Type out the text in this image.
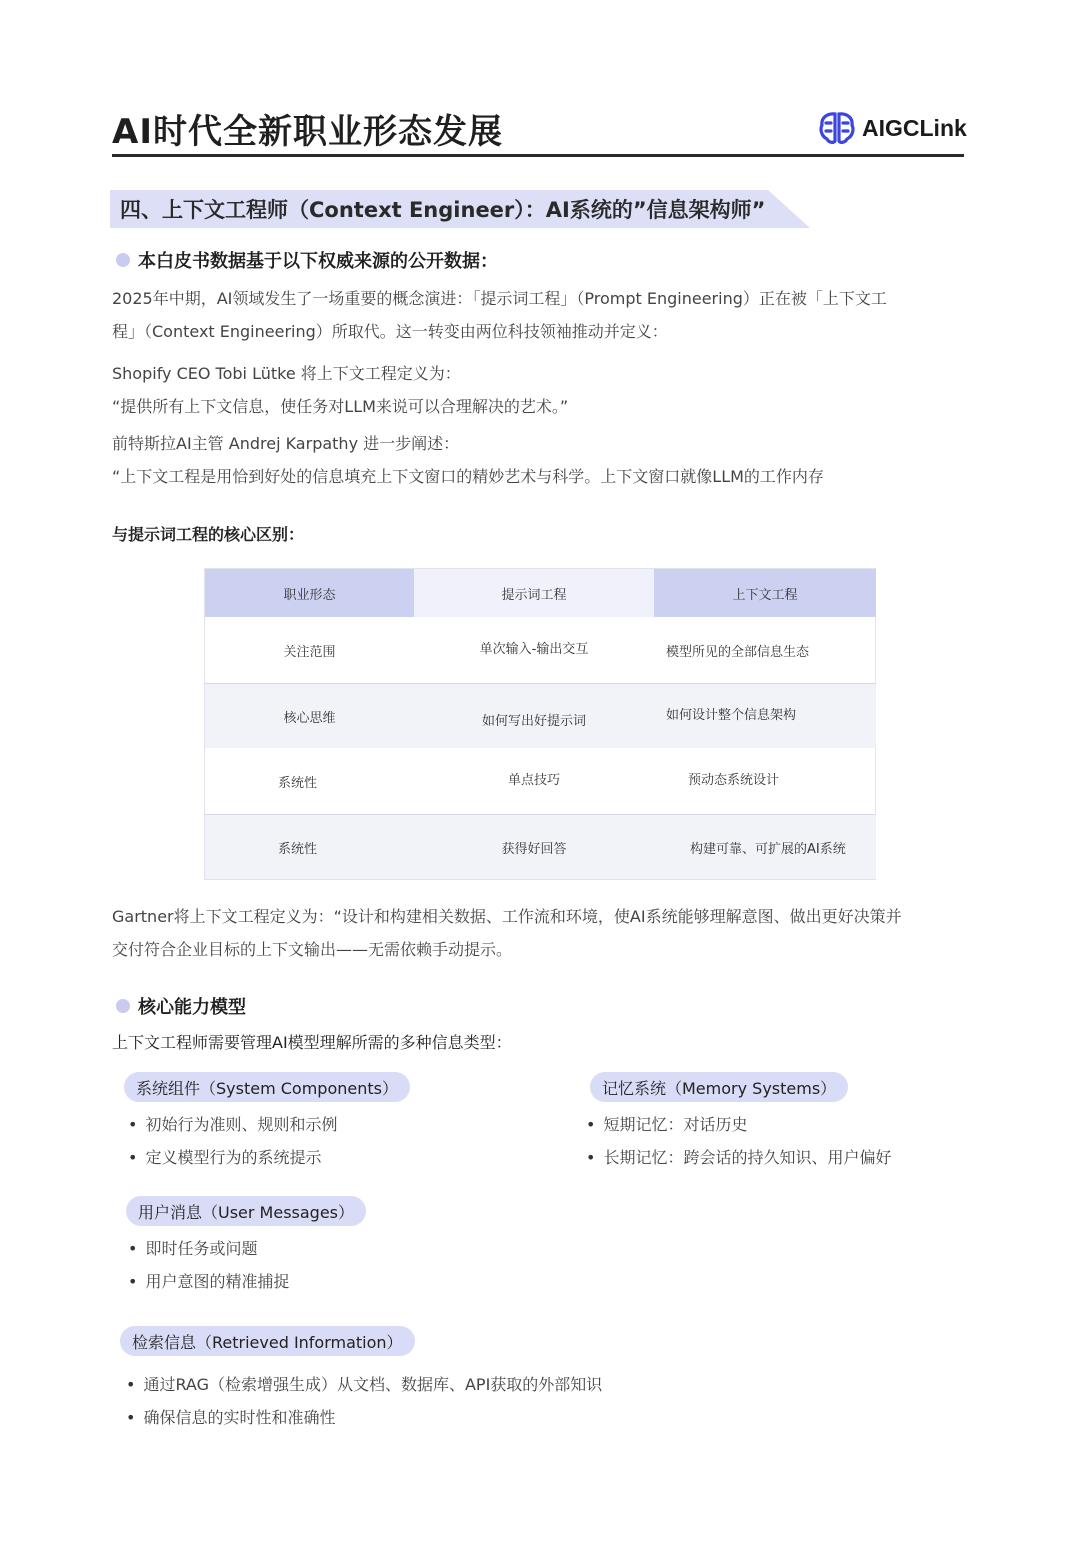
AI时代全新职业形态发展	AIGCLink
四、上下文工程师（Context Engineer）：AI系统的”信息架构师”
本白皮书数据基于以下权威来源的公开数据：
2025年中期，AI领域发生了一场重要的概念演进：「提示词工程」（Prompt Engineering）正在被「上下文工
程」（Context Engineering）所取代。这一转变由两位科技领袖推动并定义：
Shopify CEO Tobi Lütke 将上下文工程定义为：
“提供所有上下文信息，使任务对LLM来说可以合理解决的艺术。”
前特斯拉AI主管 Andrej Karpathy 进一步阐述：
“上下文工程是用恰到好处的信息填充上下文窗口的精妙艺术与科学。上下文窗口就像LLM的工作内存
与提示词工程的核心区别：
职业形态	提示词工程	上下文工程
关注范围	单次输入-输出交互	模型所见的全部信息生态
核心思维	如何写出好提示词	如何设计整个信息架构
系统性	单点技巧	预动态系统设计
系统性	获得好回答	构建可靠、可扩展的AI系统
Gartner将上下文工程定义为：“设计和构建相关数据、工作流和环境，使AI系统能够理解意图、做出更好决策并
交付符合企业目标的上下文输出——无需依赖手动提示。
核心能力模型
上下文工程师需要管理AI模型理解所需的多种信息类型：
系统组件（System Components）
• 初始行为准则、规则和示例
• 定义模型行为的系统提示
记忆系统（Memory Systems）
• 短期记忆：对话历史
• 长期记忆：跨会话的持久知识、用户偏好
用户消息（User Messages）
• 即时任务或问题
• 用户意图的精准捕捉
检索信息（Retrieved Information）
• 通过RAG（检索增强生成）从文档、数据库、API获取的外部知识
• 确保信息的实时性和准确性
